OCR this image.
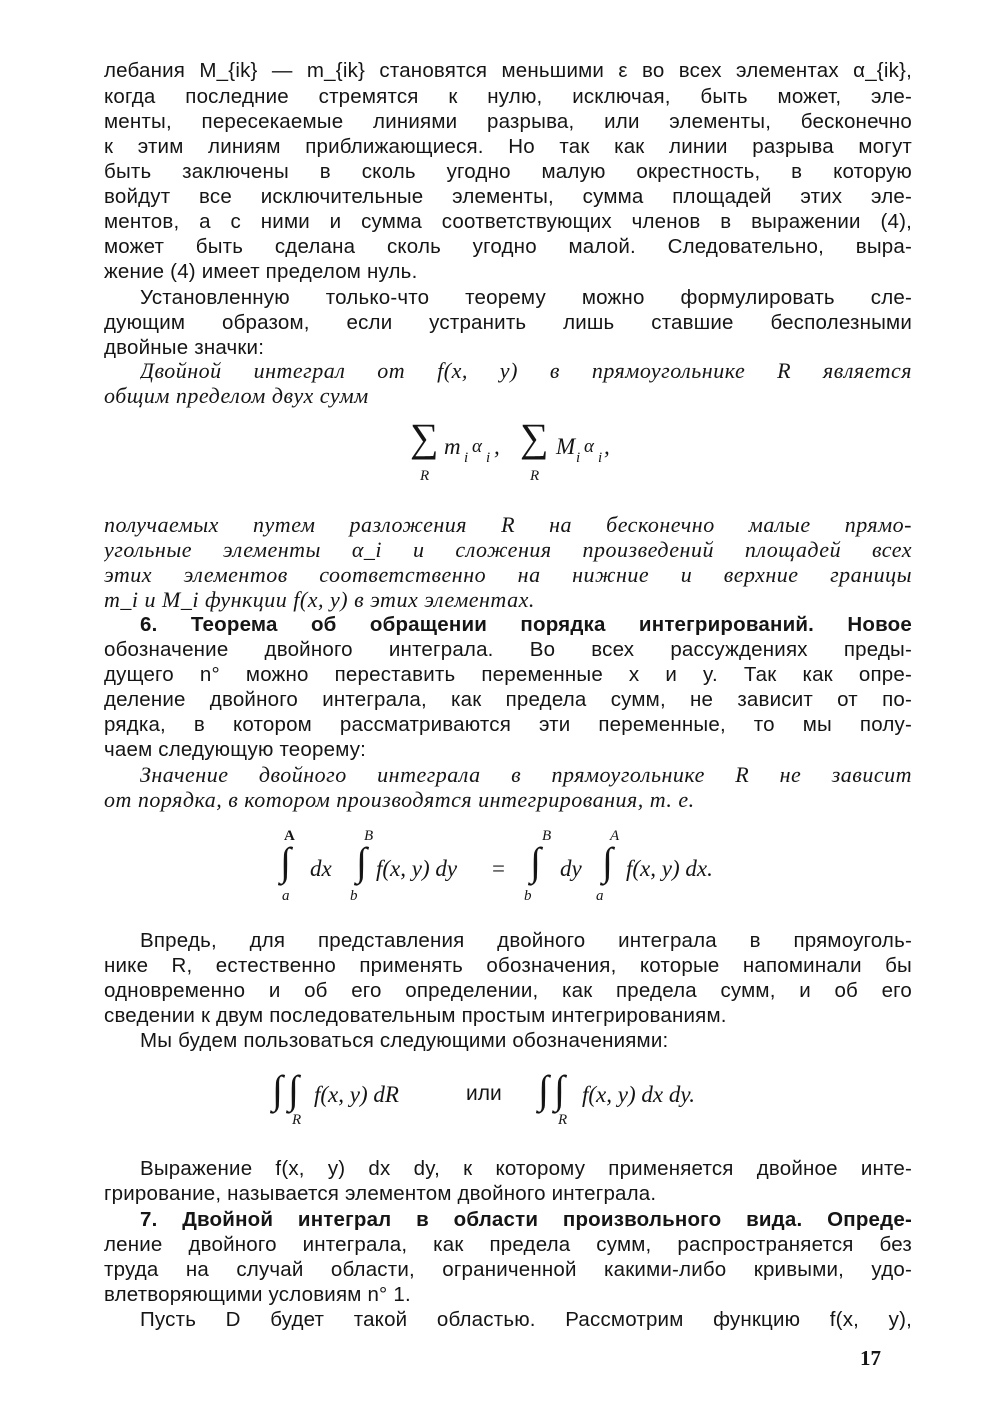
лебания M_{ik} — m_{ik} становятся меньшими ε во всех элементах α_{ik},
когда последние стремятся к нулю, исключая, быть может, эле-
менты, пересекаемые линиями разрыва, или элементы, бесконечно
к этим линиям приближающиеся. Но так как линии разрыва могут
быть заключены в сколь угодно малую окрестность, в которую
войдут все исключительные элементы, сумма площадей этих эле-
ментов, а с ними и сумма соответствующих членов в выражении (4),
может быть сделана сколь угодно малой. Следовательно, выра-
жение (4) имеет пределом нуль.
Установленную только-что теорему можно формулировать сле-
дующим образом, если устранить лишь ставшие бесполезными
двойные значки:
Двойной интеграл от f(x, y) в прямоугольнике R является
общим пределом двух сумм
∑
R
m i
α
i , ∑
R
M i
α
i ,
получаемых путем разложения R на бесконечно малые прямо-
угольные элементы α_i и сложения произведений площадей всех
этих элементов соответственно на нижние и верхние границы
m_i и M_i функции f(x, y) в этих элементах.
6. Теорема об обращении порядка интегрирований. Новое
обозначение двойного интеграла. Во всех рассуждениях преды-
дущего n° можно переставить переменные x и y. Так как опре-
деление двойного интеграла, как предела сумм, не зависит от по-
рядка, в котором рассматриваются эти переменные, то мы полу-
чаем следующую теорему:
Значение двойного интеграла в прямоугольнике R не зависит
от порядка, в котором производятся интегрирования, т. е.
A
∫
a
dx
B
∫
b
f(x, y) dy =
B
∫
b
dy
A
∫
a
f(x, y) dx.
Впредь, для представления двойного интеграла в прямоуголь-
нике R, естественно применять обозначения, которые напоминали бы
одновременно и об его определении, как предела сумм, и об его
сведении к двум последовательным простым интегрированиям.
Мы будем пользоваться следующими обозначениями:
∫ ∫
R
f(x, y) dR	или ∫ ∫
R
f(x, y) dx dy.
Выражение f(x, y) dx dy, к которому применяется двойное инте-
грирование, называется элементом двойного интеграла.
7. Двойной интеграл в области произвольного вида. Опреде-
ление двойного интеграла, как предела сумм, распространяется без
труда на случай области, ограниченной какими-либо кривыми, удо-
влетворяющими условиям n° 1.
Пусть D будет такой областью. Рассмотрим функцию f(x, y),
17
